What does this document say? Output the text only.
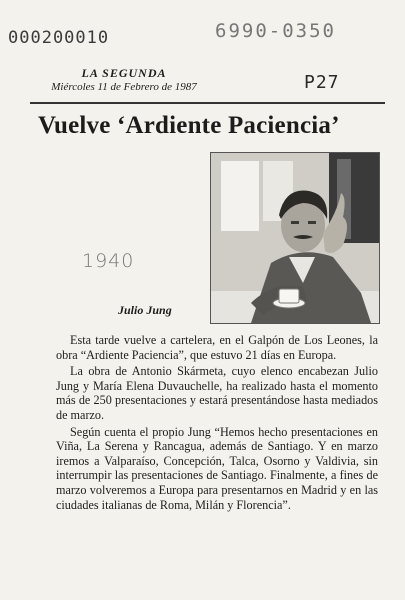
000200010	6990-0350
P27
LA SEGUNDA
Miércoles 11 de Febrero de 1987
Vuelve ‘Ardiente Paciencia’
1940
Julio Jung

Esta tarde vuelve a cartelera, en el Galpón de Los Leones, la obra “Ardiente Paciencia”, que estuvo 21 días en Europa.

La obra de Antonio Skármeta, cuyo elenco encabezan Julio Jung y María Elena Duvauchelle, ha realizado hasta el momento más de 250 presentaciones y estará presentándose hasta mediados de marzo.

Según cuenta el propio Jung “Hemos hecho presentaciones en Viña, La Serena y Rancagua, además de Santiago. Y en marzo iremos a Valparaíso, Concepción, Talca, Osorno y Valdivia, sin interrumpir las presentaciones de Santiago. Finalmente, a fines de marzo volveremos a Europa para presentarnos en Madrid y en las ciudades italianas de Roma, Milán y Florencia”.
